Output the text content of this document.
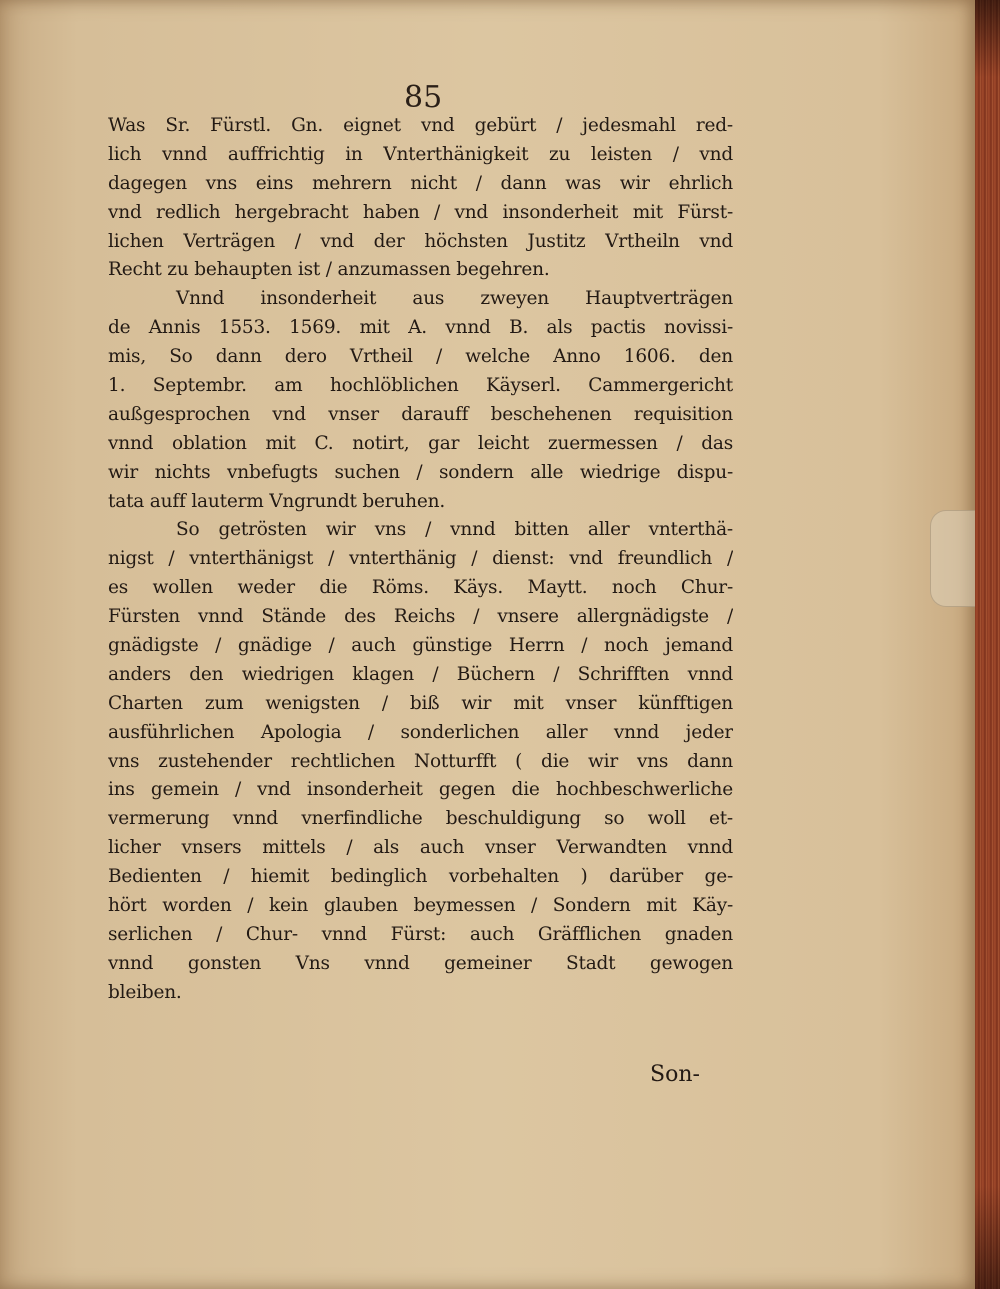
85
Was Sr. Fürstl. Gn. eignet vnd gebürt / jedesmahl red-
lich vnnd auffrichtig in Vnterthänigkeit zu leisten / vnd
dagegen vns eins mehrern nicht / dann was wir ehrlich
vnd redlich hergebracht haben / vnd insonderheit mit Fürst-
lichen Verträgen / vnd der höchsten Justitz Vrtheiln vnd
Recht zu behaupten ist / anzumassen begehren.
Vnnd insonderheit aus zweyen Hauptverträgen
de Annis 1553. 1569. mit A. vnnd B. als pactis novissi-
mis, So dann dero Vrtheil / welche Anno 1606. den
1. Septembr. am hochlöblichen Käyserl. Cammergericht
außgesprochen vnd vnser darauff beschehenen requisition
vnnd oblation mit C. notirt, gar leicht zuermessen / das
wir nichts vnbefugts suchen / sondern alle wiedrige dispu-
tata auff lauterm Vngrundt beruhen.
So getrösten wir vns / vnnd bitten aller vnterthä-
nigst / vnterthänigst / vnterthänig / dienst: vnd freundlich /
es wollen weder die Röms. Käys. Maytt. noch Chur-
Fürsten vnnd Stände des Reichs / vnsere allergnädigste /
gnädigste / gnädige / auch günstige Herrn / noch jemand
anders den wiedrigen klagen / Büchern / Schrifften vnnd
Charten zum wenigsten / biß wir mit vnser künfftigen
ausführlichen Apologia / sonderlichen aller vnnd jeder
vns zustehender rechtlichen Notturfft ( die wir vns dann
ins gemein / vnd insonderheit gegen die hochbeschwerliche
vermerung vnnd vnerfindliche beschuldigung so woll et-
licher vnsers mittels / als auch vnser Verwandten vnnd
Bedienten / hiemit bedinglich vorbehalten ) darüber ge-
hört worden / kein glauben beymessen / Sondern mit Käy-
serlichen / Chur- vnnd Fürst: auch Gräfflichen gnaden
vnnd gonsten Vns vnnd gemeiner Stadt gewogen
bleiben.
Son-
